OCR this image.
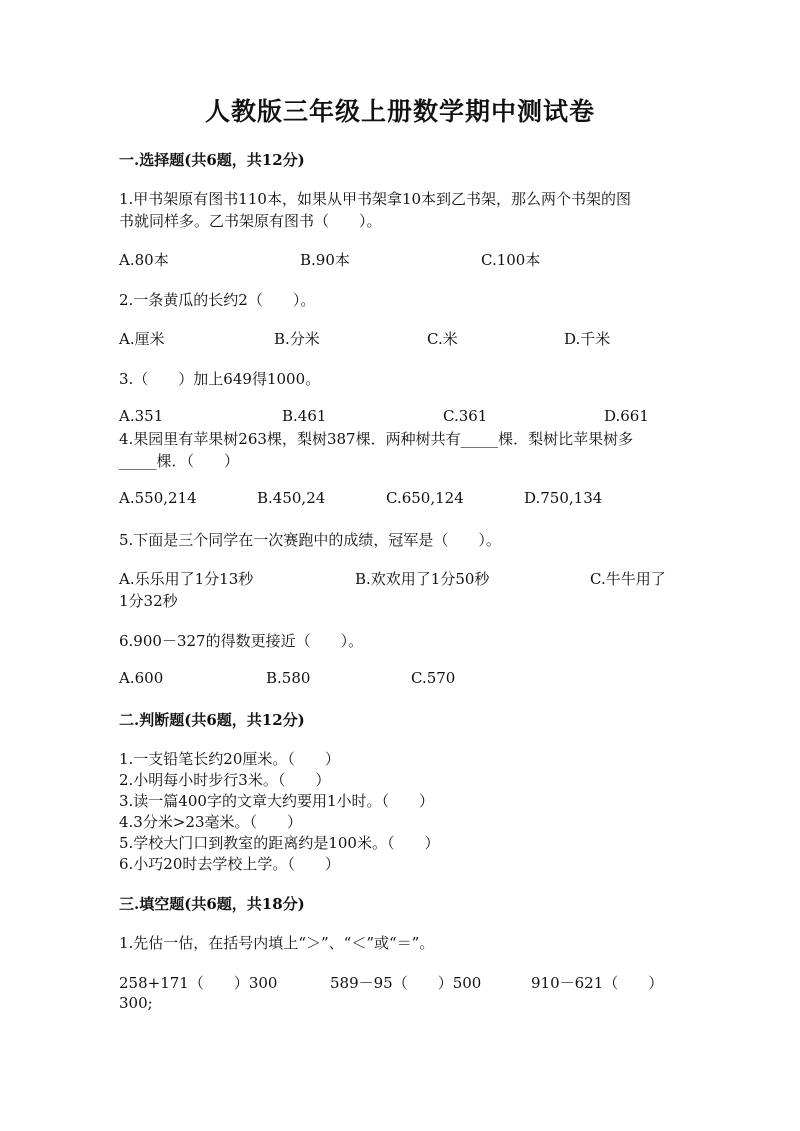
人教版三年级上册数学期中测试卷
一.选择题(共6题，共12分)
1.甲书架原有图书110本，如果从甲书架拿10本到乙书架，那么两个书架的图
书就同样多。乙书架原有图书（　　）。
A.80本	B.90本	C.100本
2.一条黄瓜的长约2（　　）。
A.厘米	B.分米	C.米	D.千米
3.（　　）加上649得1000。
A.351	B.461	C.361	D.661
4.果园里有苹果树263棵，梨树387棵．两种树共有_____棵．梨树比苹果树多
_____棵．（　　）
A.550,214	B.450,24	C.650,124	D.750,134
5.下面是三个同学在一次赛跑中的成绩，冠军是（　　）。
A.乐乐用了1分13秒	B.欢欢用了1分50秒	C.牛牛用了
1分32秒
6.900－327的得数更接近（　　）。
A.600	B.580	C.570
二.判断题(共6题，共12分)
1.一支铅笔长约20厘米。（　　）
2.小明每小时步行3米。（　　）
3.读一篇400字的文章大约要用1小时。（　　）
4.3分米>23毫米。（　　）
5.学校大门口到教室的距离约是100米。（　　）
6.小巧20时去学校上学。（　　）
三.填空题(共6题，共18分)
1.先估一估，在括号内填上“＞”、“＜”或“＝”。
258+171（　　）300	589－95（　　）500	910－621（　　）
300;
